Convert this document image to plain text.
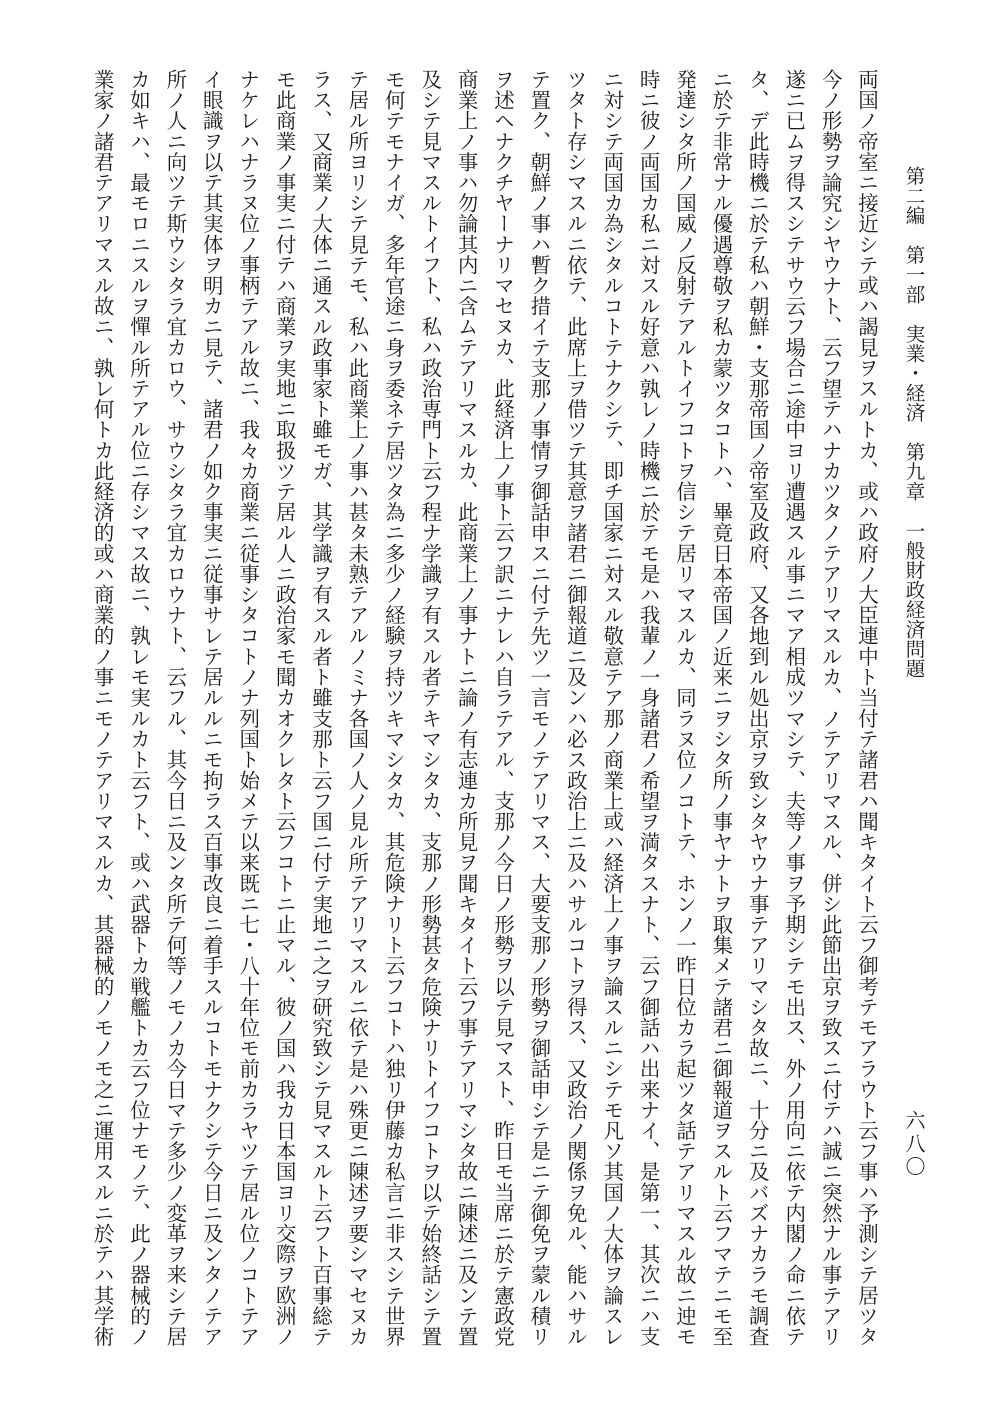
第二編　第一部　実業・経済　第九章　一般財政経済問題
六八〇
両国ノ帝室ニ接近シテ或ハ謁見ヲスルトカ、或ハ政府ノ大臣連中ト当
今ノ形勢ヲ論究シヤウナト、云フ望テハナカツタノテアリマスルカ、
遂ニ已ムヲ得スシテサウ云フ場合ニ途中ヨリ遭遇スル事ニマア相成ツ
タ、デ此時機ニ於テ私ハ朝鮮・支那帝国ノ帝室及政府、又各地到ル処
ニ於テ非常ナル優遇尊敬ヲ私カ蒙ツタコトハ、畢竟日本帝国ノ近来ニ
発達シタ所ノ国威ノ反射テアルトイフコトヲ信シテ居リマスルカ、同
時ニ彼ノ両国カ私ニ対スル好意ハ孰レノ時機ニ於テモ是ハ我輩ノ一身
ニ対シテ両国カ為シタルコトテナクシテ、即チ国家ニ対スル敬意テア
ツタト存シマスルニ依テ、此席上ヲ借ツテ其意ヲ諸君ニ御報道ニ及ン
テ置ク、朝鮮ノ事ハ暫ク措イテ支那ノ事情ヲ御話申スニ付テ先ツ一言
ヲ述ヘナクチヤーナリマセヌカ、此経済上ノ事ト云フ訳ニナレハ自ラ
商業上ノ事ハ勿論其内ニ含ムテアリマスルカ、此商業上ノ事ナトニ論
及シテ見マスルトイフト、私ハ政治専門ト云フ程ナ学識ヲ有スル者テ
モ何テモナイガ、多年官途ニ身ヲ委ネテ居ツタ為ニ多少ノ経験ヲ持ツ
テ居ル所ヨリシテ見テモ、私ハ此商業上ノ事ハ甚タ未熟テアルノミナ
ラス、又商業ノ大体ニ通スル政事家ト雖モガ、其学識ヲ有スル者ト雖
モ此商業ノ事実ニ付テハ商業ヲ実地ニ取扱ツテ居ル人ニ政治家モ聞カ
ナケレハナラヌ位ノ事柄テアル故ニ、我々カ商業ニ従事シタコトノナ
イ眼識ヲ以テ其実体ヲ明カニ見テ、諸君ノ如ク事実ニ従事サレテ居ル
所ノ人ニ向ツテ斯ウシタラ宜カロウ、サウシタラ宜カロウナト、云フ
カ如キハ、最モロニスルヲ憚ル所テアル位ニ存シマス故ニ、孰レモ実
業家ノ諸君テアリマスル故ニ、孰レ何トカ此経済的或ハ商業的ノ事ニ
付テ諸君ハ聞キタイト云フ御考テモアラウト云フ事ハ予測シテ居ツタ
ノテアリマスル、併シ此節出京ヲ致スニ付テハ誠ニ突然ナル事テアリ
マシテ、夫等ノ事ヲ予期シテモ出ス、外ノ用向ニ依テ内閣ノ命ニ依テ
出京ヲ致シタヤウナ事テアリマシタ故ニ、十分ニ及バズナカラモ調査
ヲシタ所ノ事ヤナトヲ取集メテ諸君ニ御報道ヲスルト云フマテニモ至
ラヌ位ノコトテ、ホンノ一昨日位カラ起ツタ話テアリマスル故ニ迚モ
諸君ノ希望ヲ満タスナト、云フ御話ハ出来ナイ、是第一、其次ニハ支
那ノ商業上或ハ経済上ノ事ヲ論スルニシテモ凡ソ其国ノ大体ヲ論スレ
ハ必ス政治上ニ及ハサルコトヲ得ス、又政治ノ関係ヲ免ル、能ハサル
モノテアリマス、大要支那ノ形勢ヲ御話申シテ是ニテ御免ヲ蒙ル積リ
テアル、支那ノ今日ノ形勢ヲ以テ見マスト、昨日モ当席ニ於テ憲政党
ノ有志連カ所見ヲ聞キタイト云フ事テアリマシタ故ニ陳述ニ及ンテ置
キマシタカ、支那ノ形勢甚タ危険ナリトイフコトヲ以テ始終話シテ置
キマシタカ、其危険ナリト云フコトハ独リ伊藤カ私言ニ非スシテ世界
各国ノ人ノ見ル所テアリマスルニ依テ是ハ殊更ニ陳述ヲ要シマセヌカ
支那ト云フ国ニ付テ実地ニ之ヲ研究致シテ見マスルト云フト百事総テ
オクレタト云フコトニ止マル、彼ノ国ハ我カ日本国ヨリ交際ヲ欧洲ノ
列国ト始メテ以来既ニ七・八十年位モ前カラヤツテ居ル位ノコトテア
ルニモ拘ラス百事改良ニ着手スルコトモナクシテ今日ニ及ンタノテア
ル、其今日ニ及ンタ所テ何等ノモノカ今日マテ多少ノ変革ヲ来シテ居
ルカト云フト、或ハ武器トカ戦艦トカ云フ位ナモノテ、此ノ器械的ノ
モノテアリマスルカ、其器械的ノモノモ之ニ運用スルニ於テハ其学術
